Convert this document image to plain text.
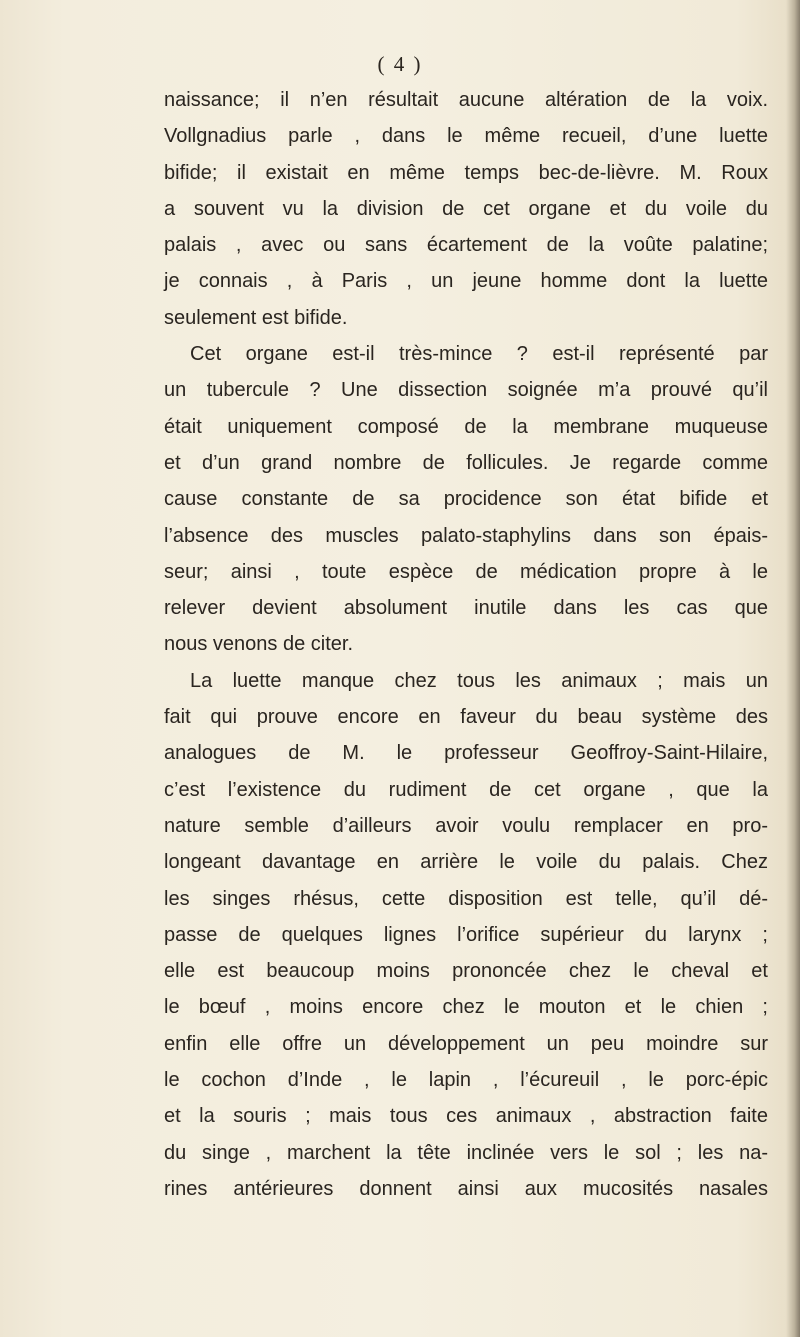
( 4 )
naissance; il n’en résultait aucune altération de la voix.
Vollgnadius parle , dans le même recueil, d’une luette
bifide; il existait en même temps bec-de-lièvre. M. Roux
a souvent vu la division de cet organe et du voile du
palais , avec ou sans écartement de la voûte palatine;
je connais , à Paris , un jeune homme dont la luette
seulement est bifide.
Cet organe est-il très-mince ? est-il représenté par
un tubercule ? Une dissection soignée m’a prouvé qu’il
était uniquement composé de la membrane muqueuse
et d’un grand nombre de follicules. Je regarde comme
cause constante de sa procidence son état bifide et
l’absence des muscles palato-staphylins dans son épais-
seur; ainsi , toute espèce de médication propre à le
relever devient absolument inutile dans les cas que
nous venons de citer.
La luette manque chez tous les animaux ; mais un
fait qui prouve encore en faveur du beau système des
analogues de M. le professeur Geoffroy-Saint-Hilaire,
c’est l’existence du rudiment de cet organe , que la
nature semble d’ailleurs avoir voulu remplacer en pro-
longeant davantage en arrière le voile du palais. Chez
les singes rhésus, cette disposition est telle, qu’il dé-
passe de quelques lignes l’orifice supérieur du larynx ;
elle est beaucoup moins prononcée chez le cheval et
le bœuf , moins encore chez le mouton et le chien ;
enfin elle offre un développement un peu moindre sur
le cochon d’Inde , le lapin , l’écureuil , le porc-épic
et la souris ; mais tous ces animaux , abstraction faite
du singe , marchent la tête inclinée vers le sol ; les na-
rines antérieures donnent ainsi aux mucosités nasales
